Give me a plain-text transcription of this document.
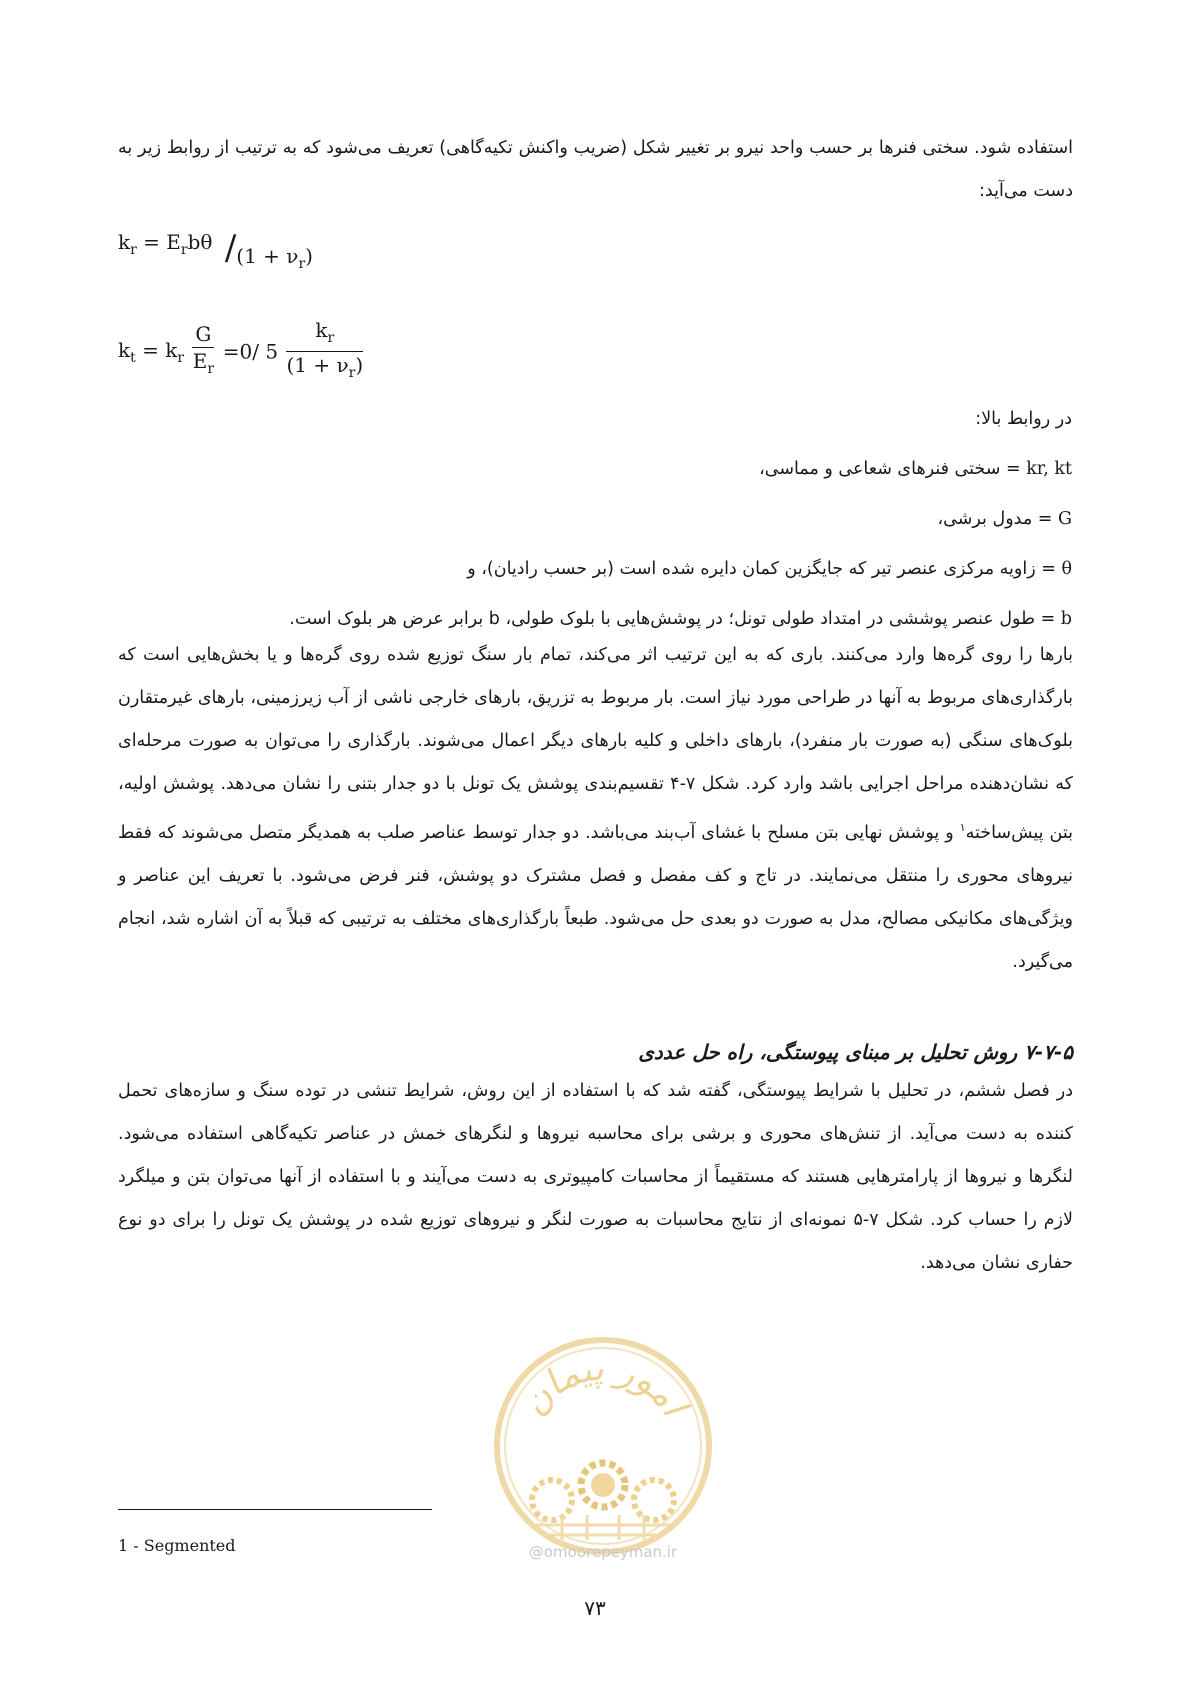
استفاده شود. سختی فنرها بر حسب واحد نیرو بر تغییر شکل (ضریب واکنش تکیه‌گاهی) تعریف می‌شود که به ترتیب از روابط زیر به دست می‌آید:

$k_r = E_rb\theta$ ∕(1 + $\nu_r$)
$k_t = k_r \frac{G}{E_r} =0/$ $5 \frac{k_r}{(1 + \nu_r)}$
در روابط بالا:
kr, kt = سختی فنرهای شعاعی و مماسی،
G = مدول برشی،
θ = زاویه مرکزی عنصر تیر که جایگزین کمان دایره شده است (بر حسب رادیان)، و
b = طول عنصر پوششی در امتداد طولی تونل؛ در پوشش‌هایی با بلوک طولی، b برابر عرض هر بلوک است.

بارها را روی گره‌ها وارد می‌کنند. باری که به این ترتیب اثر می‌کند، تمام بار سنگ توزیع شده روی گره‌ها و یا بخش‌هایی است که بارگذاری‌های مربوط به آنها در طراحی مورد نیاز است. بار مربوط به تزریق، بارهای خارجی ناشی از آب زیرزمینی، بارهای غیرمتقارن بلوک‌های سنگی (به صورت بار منفرد)، بارهای داخلی و کلیه بارهای دیگر اعمال می‌شوند. بارگذاری را می‌توان به صورت مرحله‌ای که نشان‌دهنده مراحل اجرایی باشد وارد کرد. شکل ۷-۴ تقسیم‌بندی پوشش یک تونل با دو جدار بتنی را نشان می‌دهد. پوشش اولیه، بتن پیش‌ساخته$^۱$ و پوشش نهایی بتن مسلح با غشای آب‌بند می‌باشد. دو جدار توسط عناصر صلب به همدیگر متصل می‌شوند که فقط نیروهای محوری را منتقل می‌نمایند. در تاج و کف مفصل و فصل مشترک دو پوشش، فنر فرض می‌شود. با تعریف این عناصر و ویژگی‌های مکانیکی مصالح، مدل به صورت دو بعدی حل می‌شود. طبعاً بارگذاری‌های مختلف به ترتیبی که قبلاً به آن اشاره شد، انجام می‌گیرد.

۷-۷-۵ روش تحلیل بر مبنای پیوستگی، راه حل عددی

در فصل ششم، در تحلیل با شرایط پیوستگی، گفته شد که با استفاده از این روش، شرایط تنشی در توده سنگ و سازه‌های تحمل کننده به دست می‌آید. از تنش‌های محوری و برشی برای محاسبه نیروها و لنگرهای خمش در عناصر تکیه‌گاهی استفاده می‌شود. لنگرها و نیروها از پارامترهایی هستند که مستقیماً از محاسبات کامپیوتری به دست می‌آیند و با استفاده از آنها می‌توان بتن و میلگرد لازم را حساب کرد. شکل ۷-۵ نمونه‌ای از نتایج محاسبات به صورت لنگر و نیروهای توزیع شده در پوشش یک تونل را برای دو نوع حفاری نشان می‌دهد.

امور پیمان
@omoorepeyman.ir
1 - Segmented
۷۳
